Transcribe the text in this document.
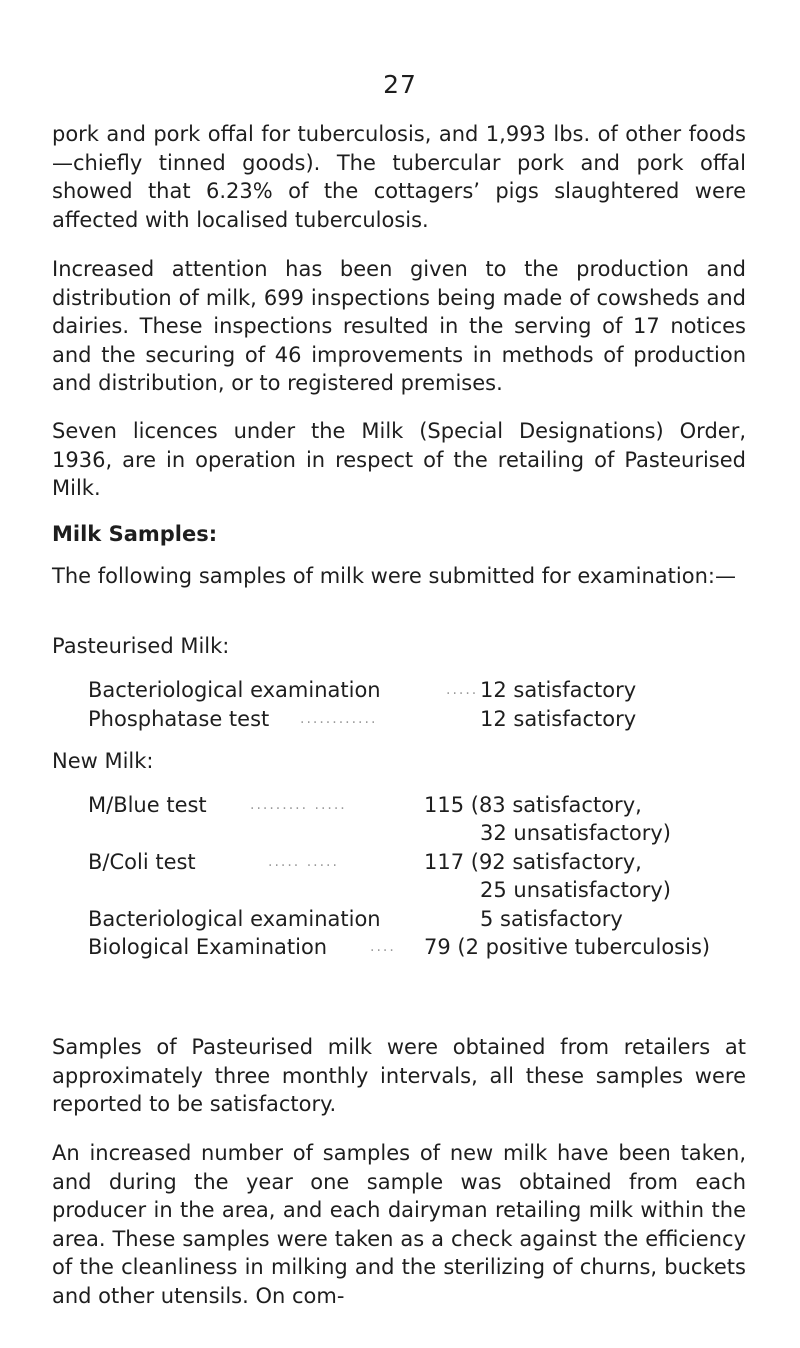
27

pork and pork offal for tuberculosis, and 1,993 lbs. of other foods—chiefly tinned goods). The tubercular pork and pork offal showed that 6.23% of the cottagers’ pigs slaughtered were affected with localised tuberculosis.

Increased attention has been given to the production and distribution of milk, 699 inspections being made of cowsheds and dairies. These inspections resulted in the serving of 17 notices and the securing of 46 improvements in methods of production and distribution, or to registered premises.

Seven licences under the Milk (Special Designations) Order, 1936, are in operation in respect of the retailing of Pasteurised Milk.

Milk Samples:

The following samples of milk were submitted for examination:—

Pasteurised Milk:
Bacteriological examination	..... 12 satisfactory
Phosphatase test ............	12 satisfactory
New Milk:
M/Blue test	......... .....	115 (83 satisfactory,
32 unsatisfactory)
B/Coli test	..... .....	117 (92 satisfactory,
25 unsatisfactory)
Bacteriological examination	5 satisfactory
Biological Examination	.... 79 (2 positive tuberculosis)

Samples of Pasteurised milk were obtained from retailers at approximately three monthly intervals, all these samples were reported to be satisfactory.

An increased number of samples of new milk have been taken, and during the year one sample was obtained from each producer in the area, and each dairyman retailing milk within the area. These samples were taken as a check against the efficiency of the cleanliness in milking and the sterilizing of churns, buckets and other utensils. On com-
